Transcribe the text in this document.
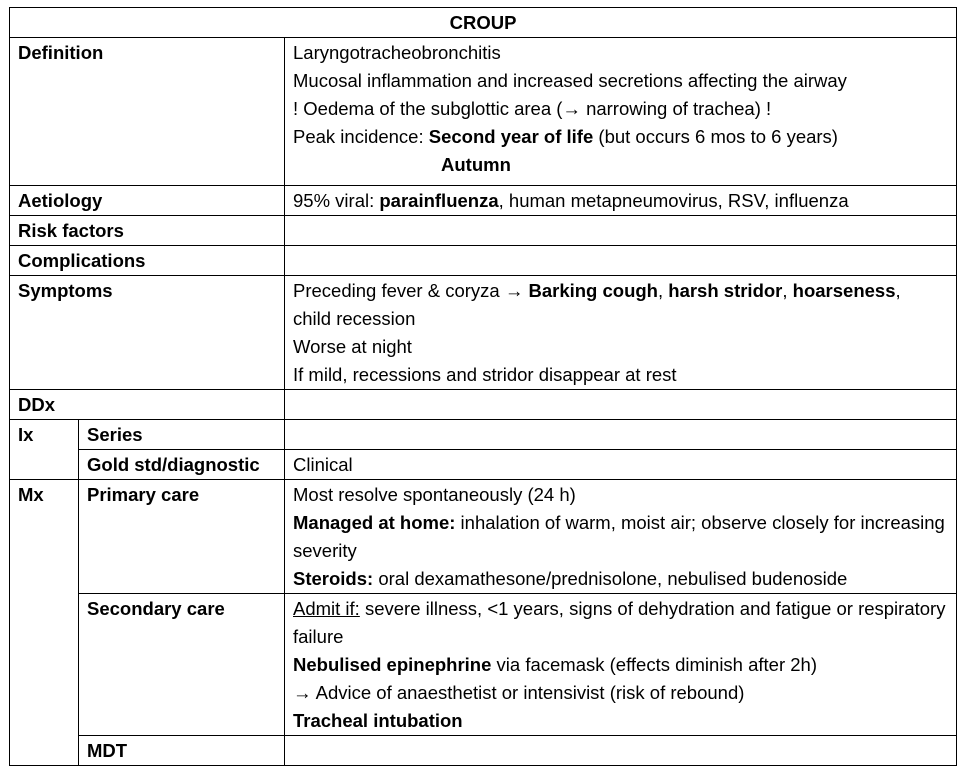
CROUP		
Definition		Laryngotracheobronchitis
Mucosal inflammation and increased secretions affecting the airway
! Oedema of the subglottic area (→ narrowing of trachea) !
Peak incidence: Second year of life (but occurs 6 mos to 6 years)
Autumn

Aetiology		95% viral: parainfluenza, human metapneumovirus, RSV, influenza
Risk factors		
Complications		
Symptoms		Preceding fever & coryza → Barking cough, harsh stridor, hoarseness,
child recession
Worse at night
If mild, recessions and stridor disappear at rest

DDx		
Ix	Series	
	Gold std/diagnostic	Clinical
Mx	Primary care	Most resolve spontaneously (24 h)
Managed at home: inhalation of warm, moist air; observe closely for increasing severity
Steroids: oral dexamathesone/prednisolone, nebulised budenoside

	Secondary care	Admit if: severe illness, <1 years, signs of dehydration and fatigue or respiratory failure
Nebulised epinephrine via facemask (effects diminish after 2h)
→ Advice of anaesthetist or intensivist (risk of rebound)
Tracheal intubation

	MDT	
